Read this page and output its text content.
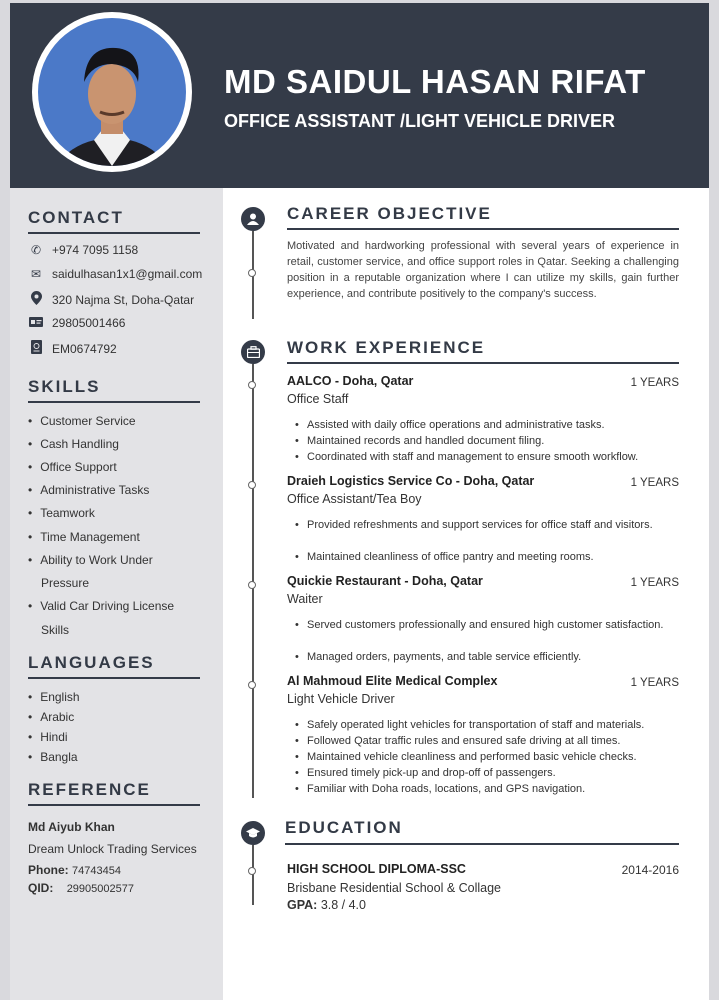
MD SAIDUL HASAN RIFAT
OFFICE ASSISTANT /LIGHT VEHICLE DRIVER
CONTACT
✆ +974 7095 1158
✉ saidulhasan1x1@gmail.com
320 Najma St, Doha-Qatar
29805001466
EM0674792
SKILLS
• Customer Service
• Cash Handling
• Office Support
• Administrative Tasks
• Teamwork
• Time Management
• Ability to Work Under
Pressure
• Valid Car Driving License
Skills
LANGUAGES
• English
• Arabic
• Hindi
• Bangla
REFERENCE
Md Aiyub Khan
Dream Unlock Trading Services
Phone: 74743454
QID: 29905002577
CAREER OBJECTIVE
Motivated and hardworking professional with several years of experience in retail, customer service, and office support roles in Qatar. Seeking a challenging position in a reputable organization where I can utilize my skills, gain further experience, and contribute positively to the company's success.
WORK EXPERIENCE
AALCO - Doha, Qatar	1 YEARS
Office Staff
• Assisted with daily office operations and administrative tasks.
• Maintained records and handled document filing.
• Coordinated with staff and management to ensure smooth workflow.
Draieh Logistics Service Co - Doha, Qatar	1 YEARS
Office Assistant/Tea Boy
• Provided refreshments and support services for office staff and visitors.
• Maintained cleanliness of office pantry and meeting rooms.
Quickie Restaurant - Doha, Qatar	1 YEARS
Waiter
• Served customers professionally and ensured high customer satisfaction.
• Managed orders, payments, and table service efficiently.
Al Mahmoud Elite Medical Complex	1 YEARS
Light Vehicle Driver
• Safely operated light vehicles for transportation of staff and materials.
• Followed Qatar traffic rules and ensured safe driving at all times.
• Maintained vehicle cleanliness and performed basic vehicle checks.
• Ensured timely pick-up and drop-off of passengers.
• Familiar with Doha roads, locations, and GPS navigation.
EDUCATION
HIGH SCHOOL DIPLOMA-SSC	2014-2016
Brisbane Residential School & Collage
GPA: 3.8 / 4.0
